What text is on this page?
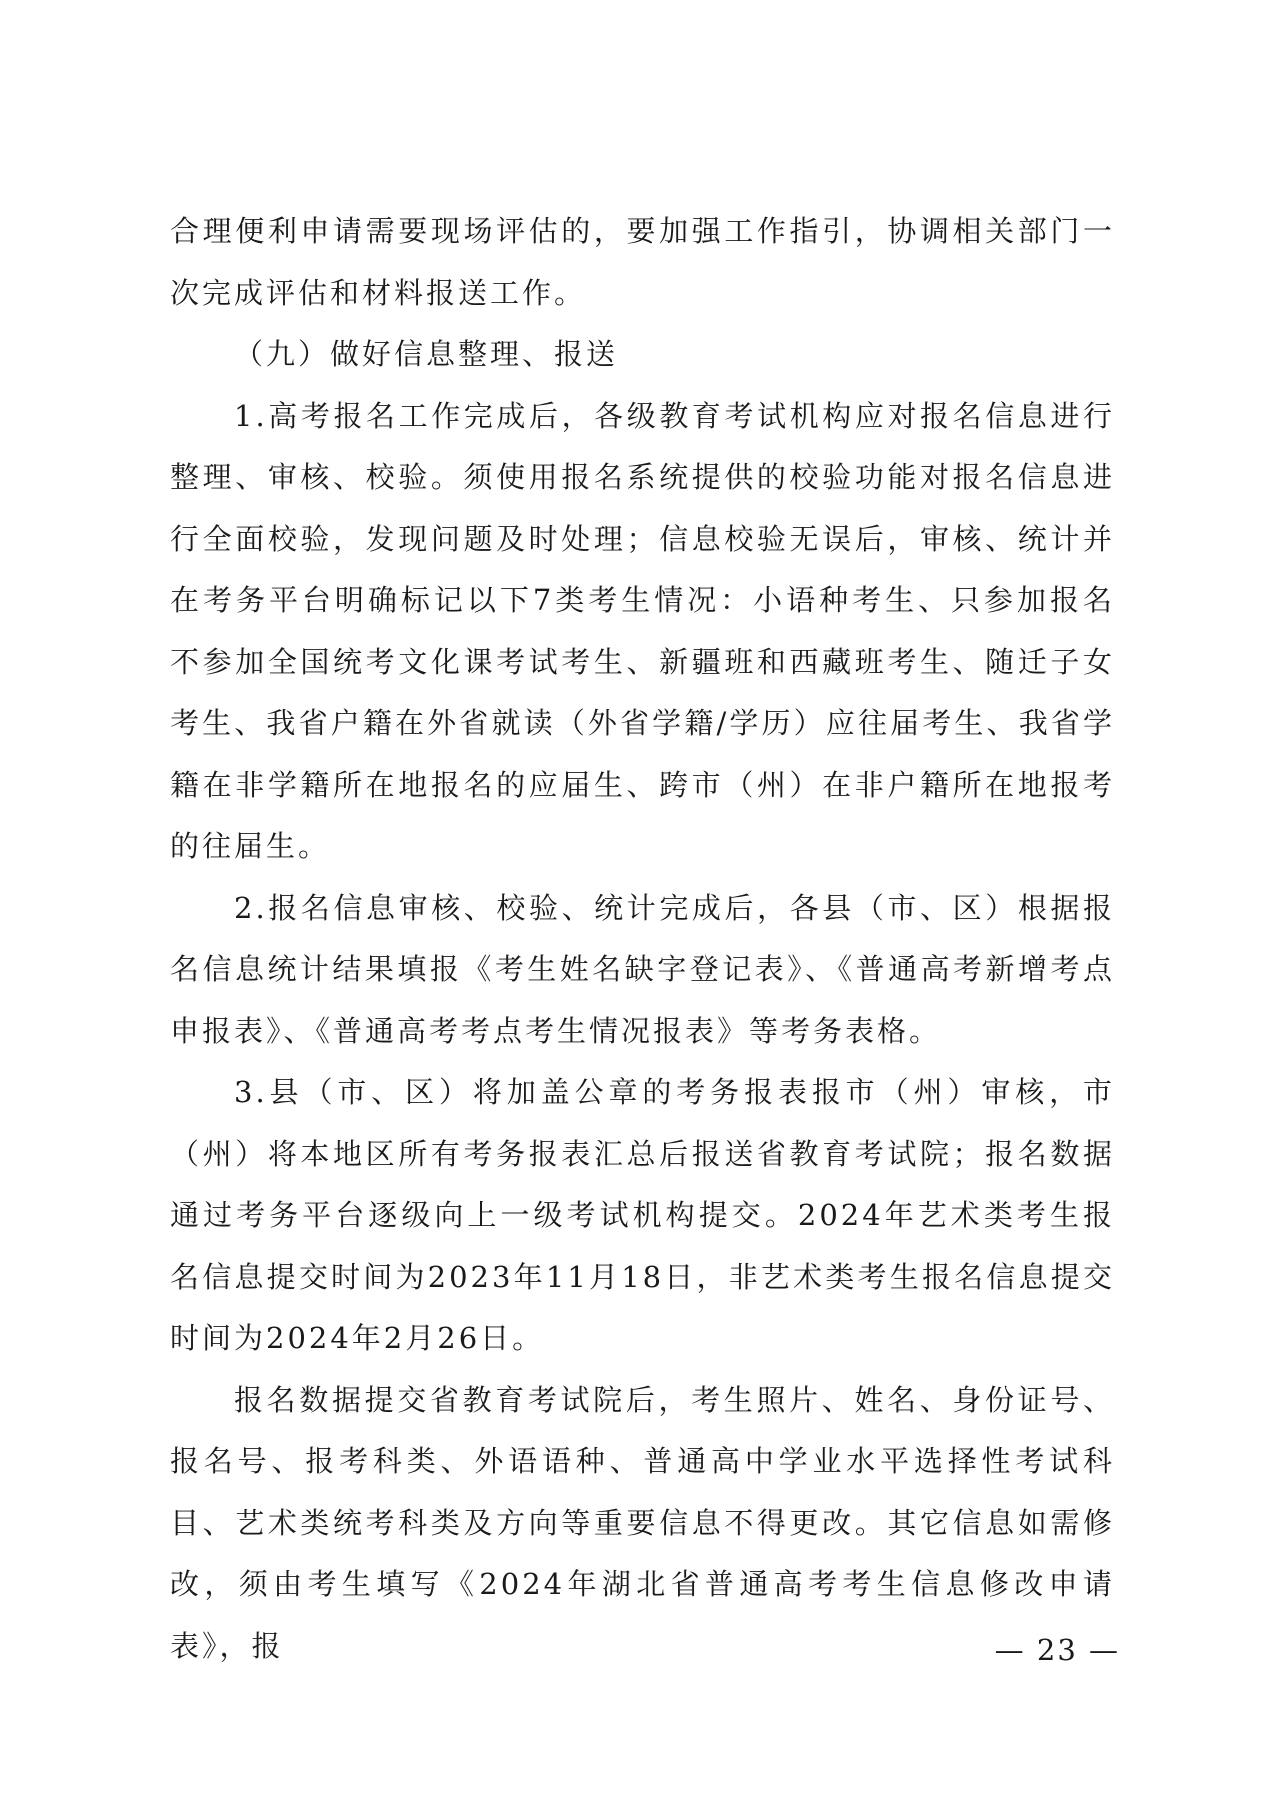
合理便利申请需要现场评估的，要加强工作指引，协调相关部门一次完成评估和材料报送工作。

（九）做好信息整理、报送

1.高考报名工作完成后，各级教育考试机构应对报名信息进行整理、审核、校验。须使用报名系统提供的校验功能对报名信息进行全面校验，发现问题及时处理；信息校验无误后，审核、统计并在考务平台明确标记以下7类考生情况：小语种考生、只参加报名不参加全国统考文化课考试考生、新疆班和西藏班考生、随迁子女考生、我省户籍在外省就读（外省学籍/学历）应往届考生、我省学籍在非学籍所在地报名的应届生、跨市（州）在非户籍所在地报考的往届生。

2.报名信息审核、校验、统计完成后，各县（市、区）根据报名信息统计结果填报《考生姓名缺字登记表》、《普通高考新增考点申报表》、《普通高考考点考生情况报表》等考务表格。

3.县（市、区）将加盖公章的考务报表报市（州）审核，市（州）将本地区所有考务报表汇总后报送省教育考试院；报名数据通过考务平台逐级向上一级考试机构提交。2024年艺术类考生报名信息提交时间为2023年11月18日，非艺术类考生报名信息提交时间为2024年2月26日。

报名数据提交省教育考试院后，考生照片、姓名、身份证号、报名号、报考科类、外语语种、普通高中学业水平选择性考试科目、艺术类统考科类及方向等重要信息不得更改。其它信息如需修改，须由考生填写《2024年湖北省普通高考考生信息修改申请表》，报	— 23 —
